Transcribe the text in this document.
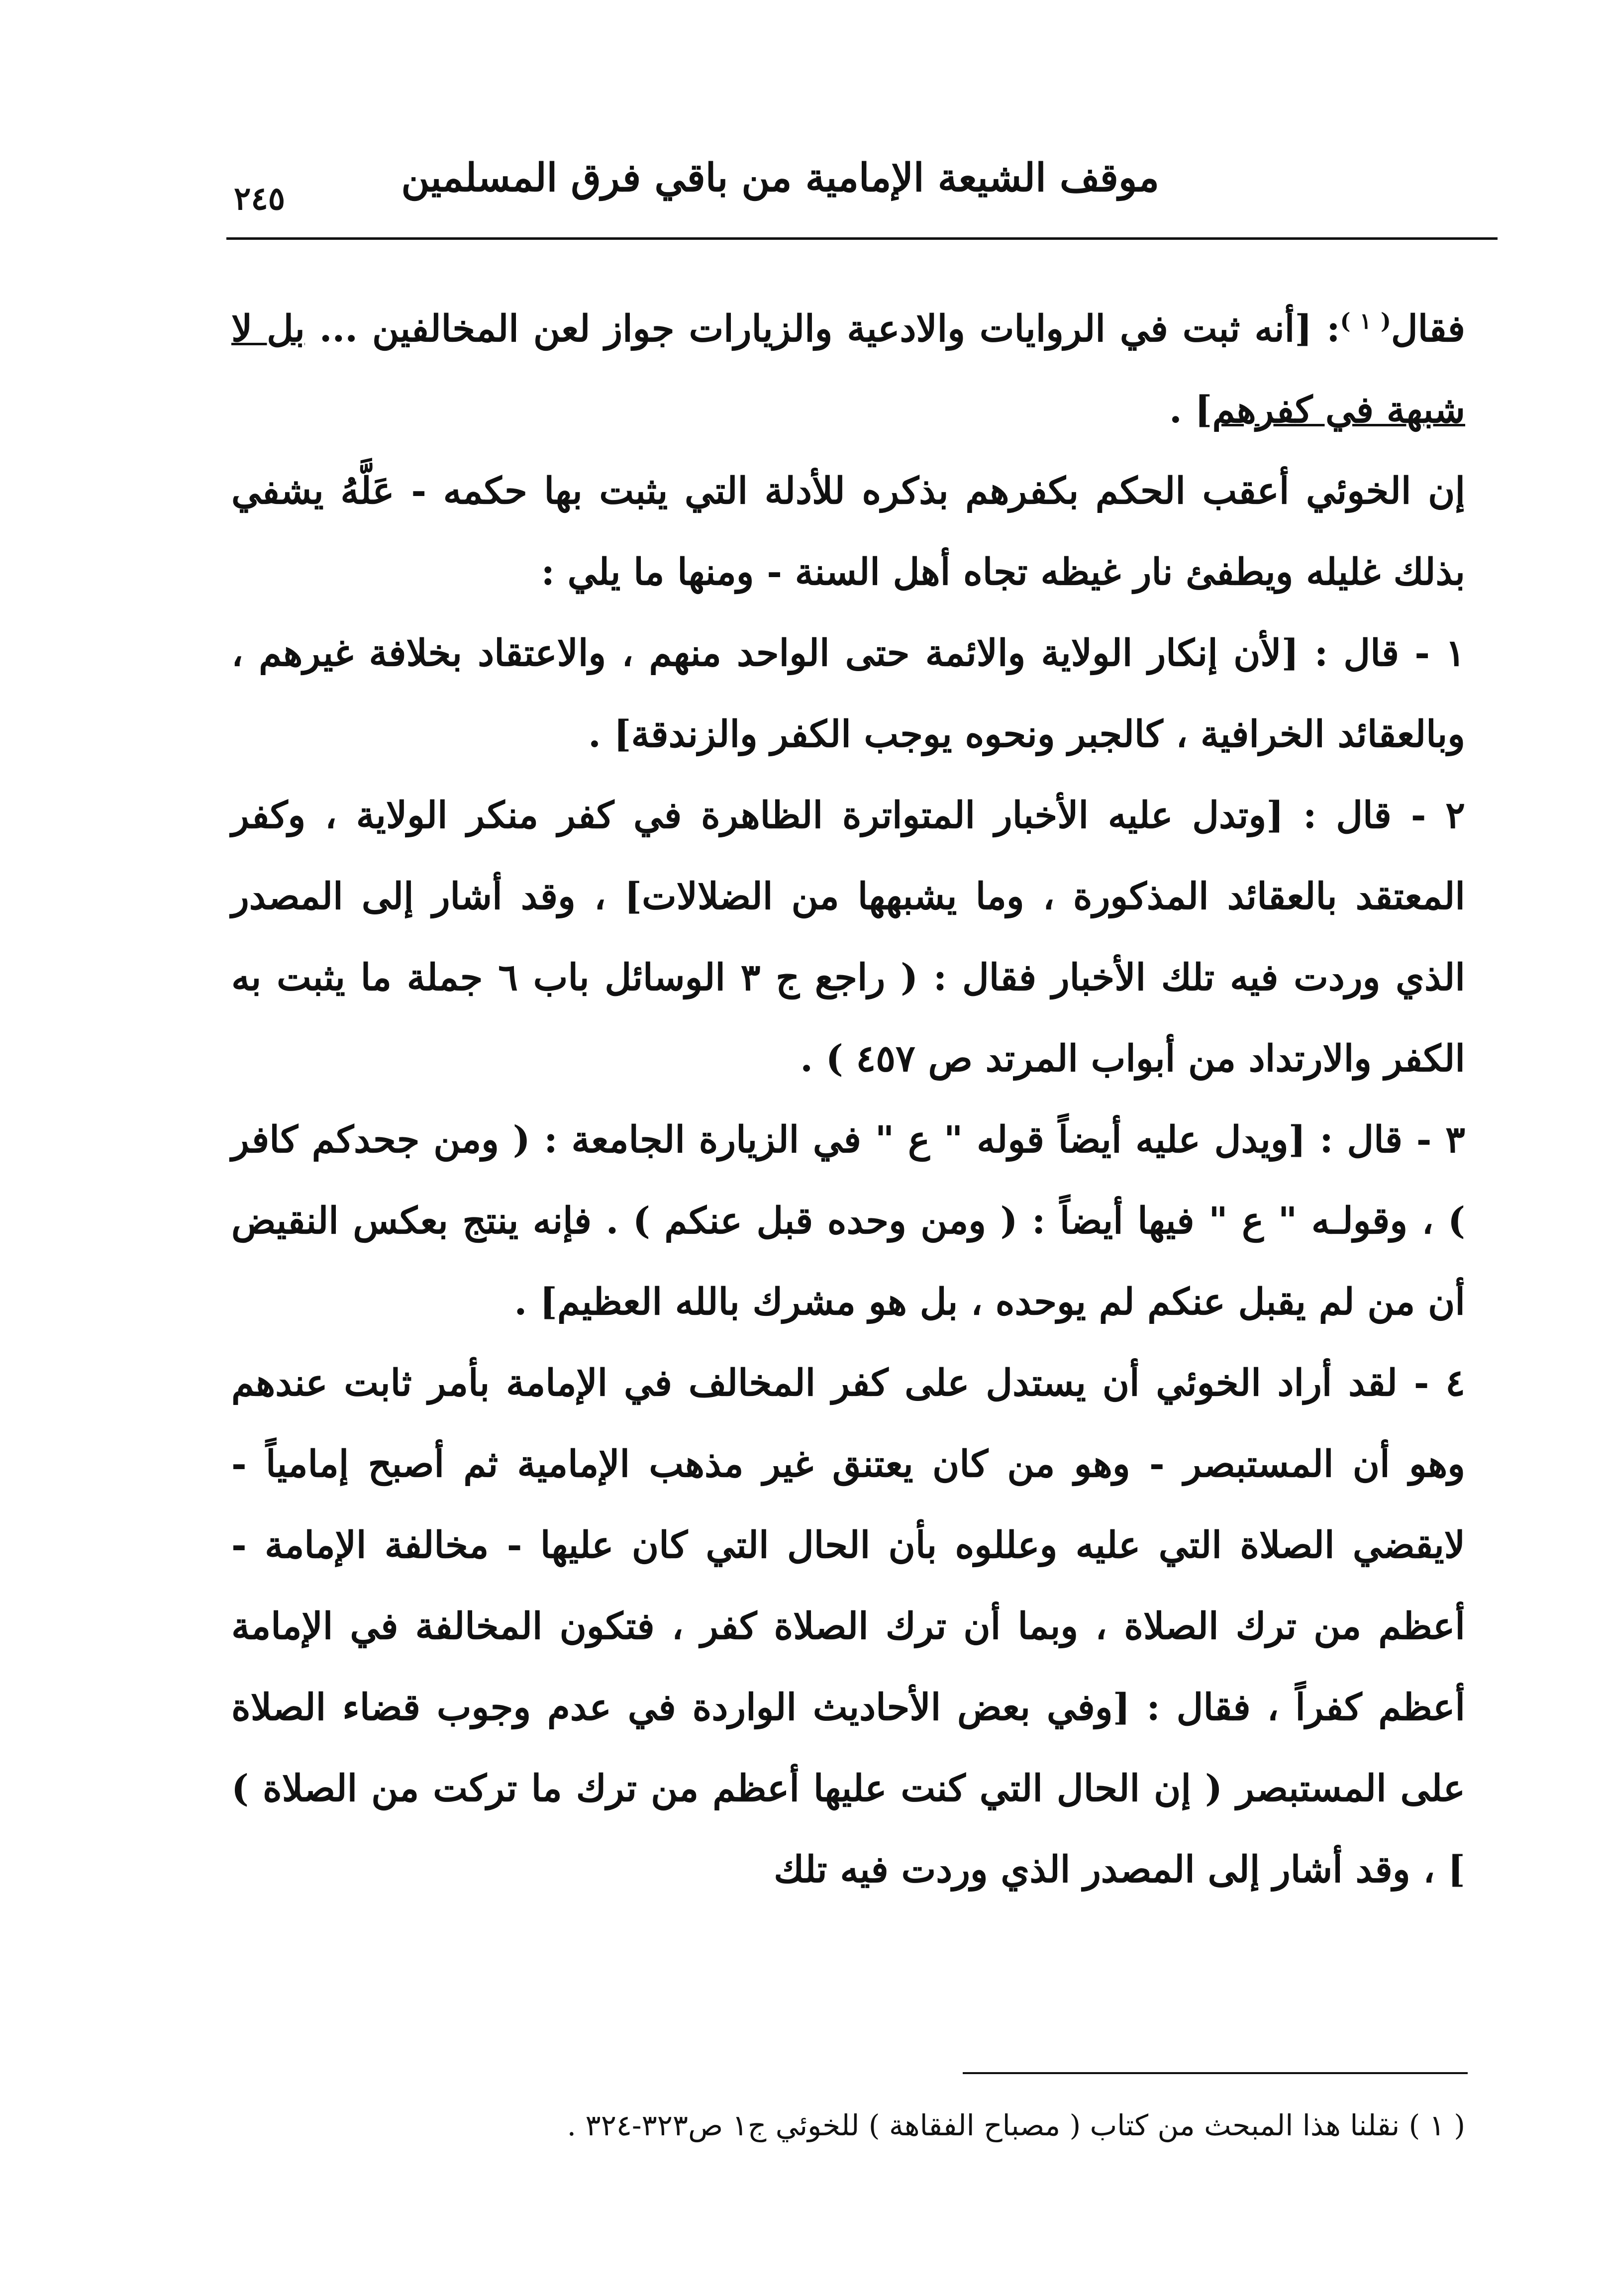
٢٤٥	موقف الشيعة الإمامية من باقي فرق المسلمين

فقال$^{( ١ )}$: [أنه ثبت في الروايات والادعية والزيارات جواز لعن المخالفين ... بل لا شبهة في كفرهم] .

إن الخوئي أعقب الحكم بكفرهم بذكره للأدلة التي يثبت بها حكمه - عَلَّهُ يشفي بذلك غليله ويطفئ نار غيظه تجاه أهل السنة - ومنها ما يلي :

١ - قال : [لأن إنكار الولاية والائمة حتى الواحد منهم ، والاعتقاد بخلافة غيرهم ، وبالعقائد الخرافية ، كالجبر ونحوه يوجب الكفر والزندقة] .

٢ - قال : [وتدل عليه الأخبار المتواترة الظاهرة في كفر منكر الولاية ، وكفر المعتقد بالعقائد المذكورة ، وما يشبهها من الضلالات] ، وقد أشار إلى المصدر الذي وردت فيه تلك الأخبار فقال : ( راجع ج ٣ الوسائل باب ٦ جملة ما يثبت به الكفر والارتداد من أبواب المرتد ص ٤٥٧ ) .

٣ - قال : [ويدل عليه أيضاً قوله " ع " في الزيارة الجامعة : ( ومن جحدكم كافر ) ، وقولـه " ع " فيها أيضاً : ( ومن وحده قبل عنكم ) . فإنه ينتج بعكس النقيض أن من لم يقبل عنكم لم يوحده ، بل هو مشرك بالله العظيم] .

٤ - لقد أراد الخوئي أن يستدل على كفر المخالف في الإمامة بأمر ثابت عندهم وهو أن المستبصر - وهو من كان يعتنق غير مذهب الإمامية ثم أصبح إمامياً - لايقضي الصلاة التي عليه وعللوه بأن الحال التي كان عليها - مخالفة الإمامة - أعظم من ترك الصلاة ، وبما أن ترك الصلاة كفر ، فتكون المخالفة في الإمامة أعظم كفراً ، فقال : [وفي بعض الأحاديث الواردة في عدم وجوب قضاء الصلاة على المستبصر ( إن الحال التي كنت عليها أعظم من ترك ما تركت من الصلاة ) ] ، وقد أشار إلى المصدر الذي وردت فيه تلك

( ١ ) نقلنا هذا المبحث من كتاب ( مصباح الفقاهة ) للخوئي ج١ ص٣٢٣-٣٢٤ .
